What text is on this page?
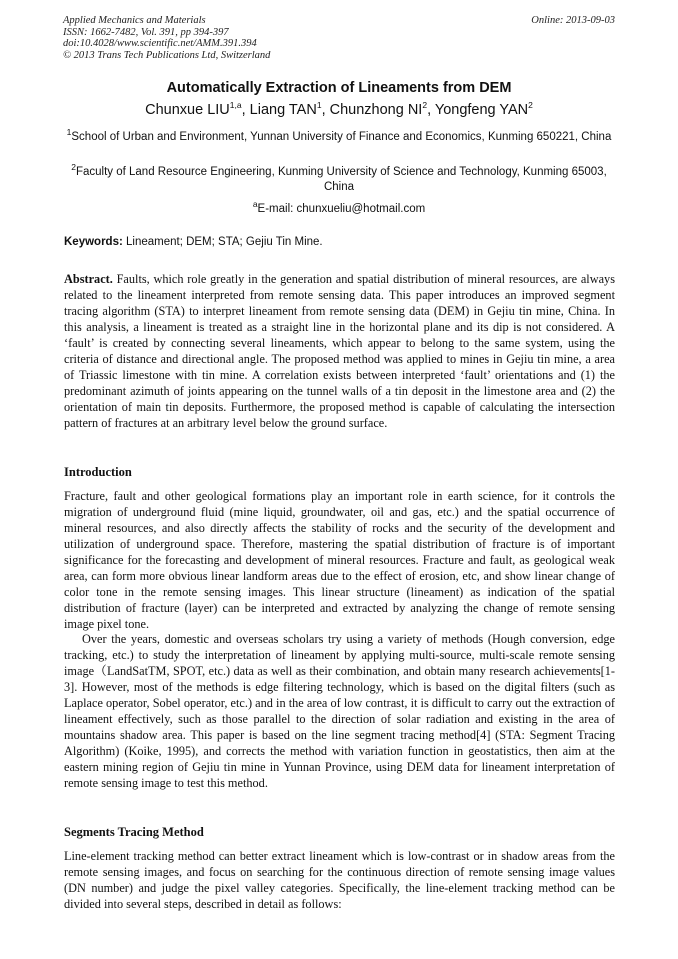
Applied Mechanics and Materials
ISSN: 1662-7482, Vol. 391, pp 394-397
doi:10.4028/www.scientific.net/AMM.391.394
© 2013 Trans Tech Publications Ltd, Switzerland
Online: 2013-09-03
Automatically Extraction of Lineaments from DEM
Chunxue LIU$^{1,a}$, Liang TAN$^1$, Chunzhong $NI^2$, Yongfeng YAN$^2$
$^1$School of Urban and Environment, Yunnan University of Finance and Economics, Kunming 650221, China
$^2$Faculty of Land Resource Engineering, Kunming University of Science and Technology, Kunming 65003, China
$^a$E-mail: chunxueliu@hotmail.com
Keywords: Lineament; DEM; STA; Gejiu Tin Mine.
Abstract. Faults, which role greatly in the generation and spatial distribution of mineral resources, are always related to the lineament interpreted from remote sensing data. This paper introduces an improved segment tracing algorithm (STA) to interpret lineament from remote sensing data (DEM) in Gejiu tin mine, China. In this analysis, a lineament is treated as a straight line in the horizontal plane and its dip is not considered. A ‘fault’ is created by connecting several lineaments, which appear to belong to the same system, using the criteria of distance and directional angle. The proposed method was applied to mines in Gejiu tin mine, a area of Triassic limestone with tin mine. A correlation exists between interpreted ‘fault’ orientations and (1) the predominant azimuth of joints appearing on the tunnel walls of a tin deposit in the limestone area and (2) the orientation of main tin deposits. Furthermore, the proposed method is capable of calculating the intersection pattern of fractures at an arbitrary level below the ground surface.
Introduction
Fracture, fault and other geological formations play an important role in earth science, for it controls the migration of underground fluid (mine liquid, groundwater, oil and gas, etc.) and the spatial occurrence of mineral resources, and also directly affects the stability of rocks and the security of the development and utilization of underground space. Therefore, mastering the spatial distribution of fracture is of important significance for the forecasting and development of mineral resources. Fracture and fault, as geological weak area, can form more obvious linear landform areas due to the effect of erosion, etc, and show linear change of color tone in the remote sensing images. This linear structure (lineament) as indication of the spatial distribution of fracture (layer) can be interpreted and extracted by analyzing the change of remote sensing image pixel tone.
Over the years, domestic and overseas scholars try using a variety of methods (Hough conversion, edge tracking, etc.) to study the interpretation of lineament by applying multi-source, multi-scale remote sensing image（LandSatTM, SPOT, etc.) data as well as their combination, and obtain many research achievements[1-3]. However, most of the methods is edge filtering technology, which is based on the digital filters (such as Laplace operator, Sobel operator, etc.) and in the area of low contrast, it is difficult to carry out the extraction of lineament effectively, such as those parallel to the direction of solar radiation and existing in the area of mountains shadow area. This paper is based on the line segment tracing method[4] (STA: Segment Tracing Algorithm) (Koike, 1995), and corrects the method with variation function in geostatistics, then aim at the eastern mining region of Gejiu tin mine in Yunnan Province, using DEM data for lineament interpretation of remote sensing image to test this method.
Segments Tracing Method
Line-element tracking method can better extract lineament which is low-contrast or in shadow areas from the remote sensing images, and focus on searching for the continuous direction of remote sensing image values (DN number) and judge the pixel valley categories. Specifically, the line-element tracking method can be divided into several steps, described in detail as follows:
